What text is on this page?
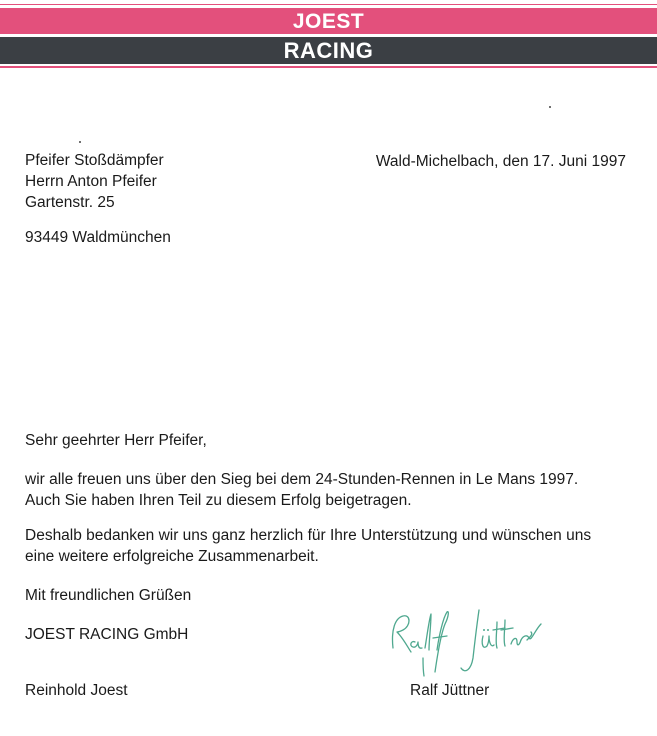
JOEST
RACING
Pfeifer Stoßdämpfer
Herrn Anton Pfeifer
Gartenstr. 25
Wald-Michelbach, den 17. Juni 1997
93449 Waldmünchen
Sehr geehrter Herr Pfeifer,
wir alle freuen uns über den Sieg bei dem 24-Stunden-Rennen in Le Mans 1997.
Auch Sie haben Ihren Teil zu diesem Erfolg beigetragen.
Deshalb bedanken wir uns ganz herzlich für Ihre Unterstützung und wünschen uns
eine weitere erfolgreiche Zusammenarbeit.
Mit freundlichen Grüßen
JOEST RACING GmbH
Reinhold Joest	Ralf Jüttner
